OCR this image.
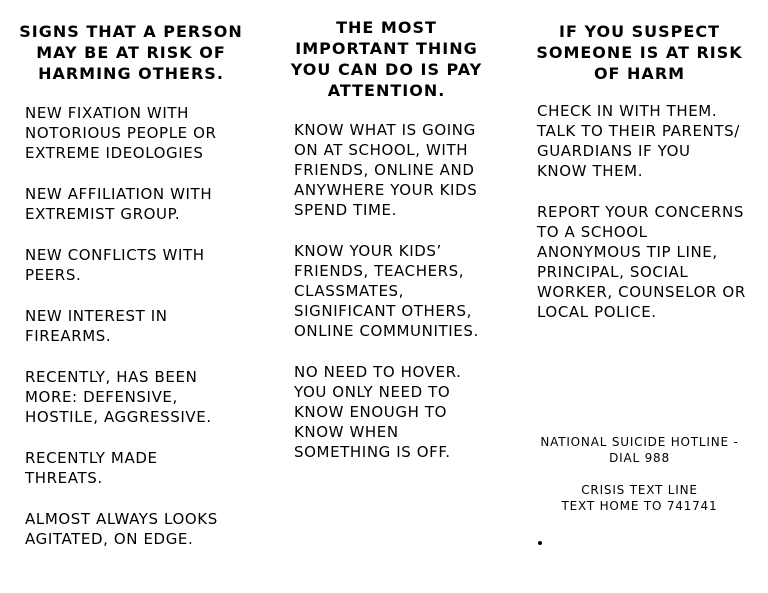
SIGNS THAT A PERSON
MAY BE AT RISK OF
HARMING OTHERS.

NEW FIXATION WITH

NOTORIOUS PEOPLE OR

EXTREME IDEOLOGIES

NEW AFFILIATION WITH

EXTREMIST GROUP.

NEW CONFLICTS WITH

PEERS.

NEW INTEREST IN

FIREARMS.

RECENTLY, HAS BEEN

MORE: DEFENSIVE,

HOSTILE, AGGRESSIVE.

RECENTLY MADE

THREATS.

ALMOST ALWAYS LOOKS

AGITATED, ON EDGE.

THE MOST
IMPORTANT THING
YOU CAN DO IS PAY
ATTENTION.

KNOW WHAT IS GOING

ON AT SCHOOL, WITH

FRIENDS, ONLINE AND

ANYWHERE YOUR KIDS

SPEND TIME.

KNOW YOUR KIDS’

FRIENDS, TEACHERS,

CLASSMATES,

SIGNIFICANT OTHERS,

ONLINE COMMUNITIES.

NO NEED TO HOVER.

YOU ONLY NEED TO

KNOW ENOUGH TO

KNOW WHEN

SOMETHING IS OFF.

IF YOU SUSPECT
SOMEONE IS AT RISK
OF HARM

CHECK IN WITH THEM.

TALK TO THEIR PARENTS/

GUARDIANS IF YOU

KNOW THEM.

REPORT YOUR CONCERNS

TO A SCHOOL

ANONYMOUS TIP LINE,

PRINCIPAL, SOCIAL

WORKER, COUNSELOR OR

LOCAL POLICE.

NATIONAL SUICIDE HOTLINE -

DIAL 988

CRISIS TEXT LINE

TEXT HOME TO 741741
